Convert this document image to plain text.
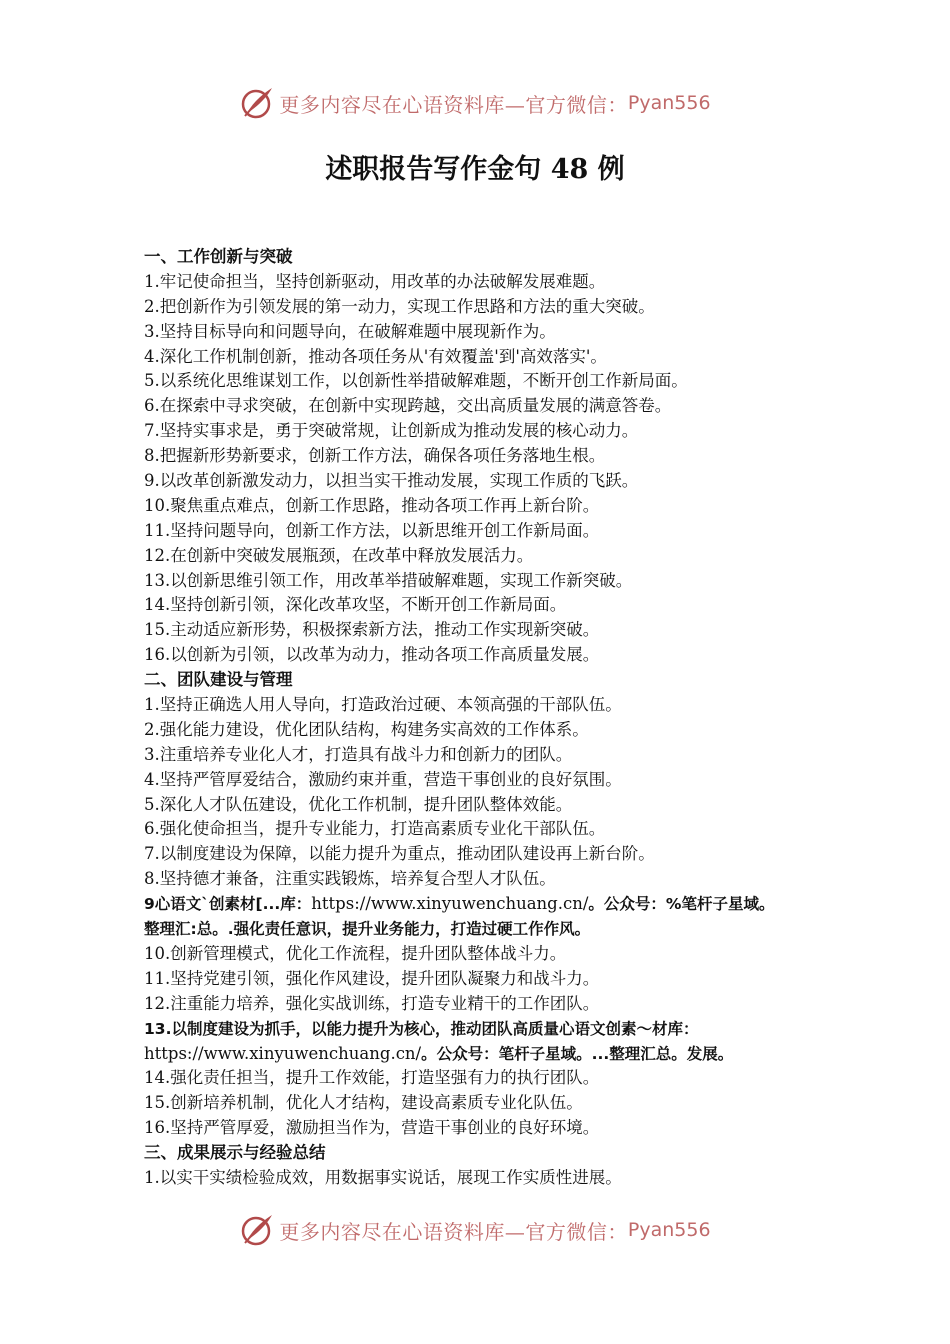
更多内容尽在心语资料库—官方微信： Pyan556
述职报告写作金句 48 例
一、工作创新与突破
1.牢记使命担当，坚持创新驱动，用改革的办法破解发展难题。
2.把创新作为引领发展的第一动力，实现工作思路和方法的重大突破。
3.坚持目标导向和问题导向，在破解难题中展现新作为。
4.深化工作机制创新，推动各项任务从'有效覆盖'到'高效落实'。
5.以系统化思维谋划工作，以创新性举措破解难题，不断开创工作新局面。
6.在探索中寻求突破，在创新中实现跨越，交出高质量发展的满意答卷。
7.坚持实事求是，勇于突破常规，让创新成为推动发展的核心动力。
8.把握新形势新要求，创新工作方法，确保各项任务落地生根。
9.以改革创新激发动力，以担当实干推动发展，实现工作质的飞跃。
10.聚焦重点难点，创新工作思路，推动各项工作再上新台阶。
11.坚持问题导向，创新工作方法，以新思维开创工作新局面。
12.在创新中突破发展瓶颈，在改革中释放发展活力。
13.以创新思维引领工作，用改革举措破解难题，实现工作新突破。
14.坚持创新引领，深化改革攻坚，不断开创工作新局面。
15.主动适应新形势，积极探索新方法，推动工作实现新突破。
16.以创新为引领，以改革为动力，推动各项工作高质量发展。
二、团队建设与管理
1.坚持正确选人用人导向，打造政治过硬、本领高强的干部队伍。
2.强化能力建设，优化团队结构，构建务实高效的工作体系。
3.注重培养专业化人才，打造具有战斗力和创新力的团队。
4.坚持严管厚爱结合，激励约束并重，营造干事创业的良好氛围。
5.深化人才队伍建设，优化工作机制，提升团队整体效能。
6.强化使命担当，提升专业能力，打造高素质专业化干部队伍。
7.以制度建设为保障，以能力提升为重点，推动团队建设再上新台阶。
8.坚持德才兼备，注重实践锻炼，培养复合型人才队伍。
9心语文`创素材[...库：https://www.xinyuwenchuang.cn/。公众号：%笔杆子星域。
整理汇:总。.强化责任意识，提升业务能力，打造过硬工作作风。
10.创新管理模式，优化工作流程，提升团队整体战斗力。
11.坚持党建引领，强化作风建设，提升团队凝聚力和战斗力。
12.注重能力培养，强化实战训练，打造专业精干的工作团队。
13.以制度建设为抓手，以能力提升为核心，推动团队高质量心语文创素～材库：
https://www.xinyuwenchuang.cn/。公众号：笔杆子星域。...整理汇总。发展。
14.强化责任担当，提升工作效能，打造坚强有力的执行团队。
15.创新培养机制，优化人才结构，建设高素质专业化队伍。
16.坚持严管厚爱，激励担当作为，营造干事创业的良好环境。
三、成果展示与经验总结
1.以实干实绩检验成效，用数据事实说话，展现工作实质性进展。
更多内容尽在心语资料库—官方微信： Pyan556
